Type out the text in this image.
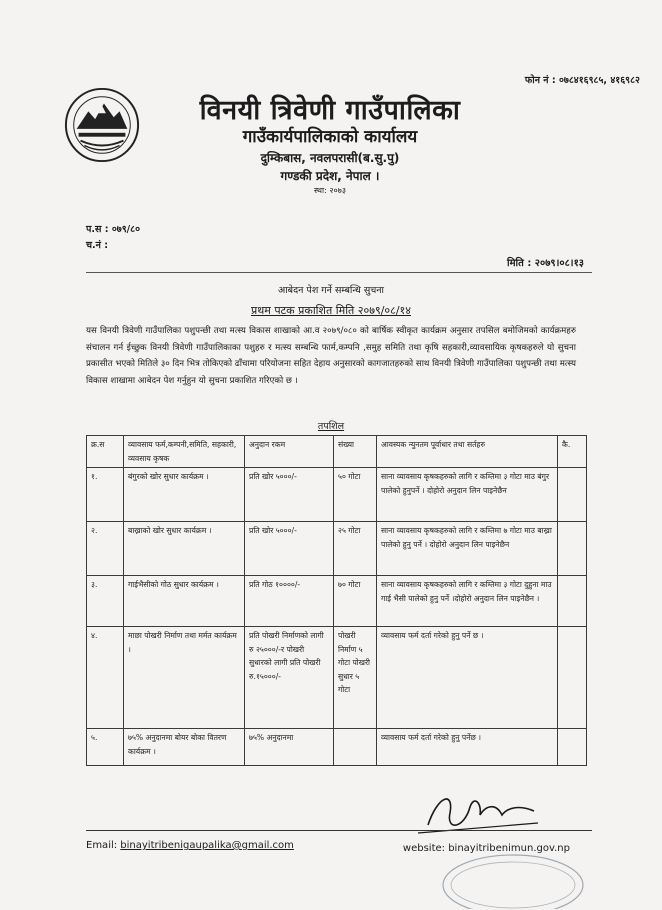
फोन नं : ०७८४१६९८५, ४१६९८२
विनयी त्रिवेणी गाउँपालिका
गाउँकार्यपालिकाको कार्यालय
दुम्किबास, नवलपरासी(ब.सु.पु)
गण्डकी प्रदेश, नेपाल ।
स्था: २०७३
प.स : ०७९/८०
च.नं :
मिति : २०७९।०८।१३
आबेदन पेश गर्ने सम्बन्धि सुचना
प्रथम पटक प्रकाशित मिति २०७९/०८/१४
यस विनयी त्रिवेणी गाउँपालिका पशुपन्छी तथा मत्स्य विकास शाखाको आ.व २०७९/०८० को बार्षिक स्वीकृत कार्यक्रम अनुसार तपसिल बमोजिमको कार्यक्रमहरु संचालन गर्न ईच्छुक विनयी त्रिवेणी गाउँपालिकाका पशुहरु र मत्स्य सम्बन्धि फार्म,कम्पनि ,समुह समिति तथा कृषि सहकारी,व्यावसायिक कृषकहरुले यो सुचना प्रकासीत भएको मितिले ३० दिन भित्र तोकिएको ढाँचामा परियोजना सहित देहाय अनुसारको कागजातहरुको साथ विनयी त्रिवेणी गाउँपालिका पशुपन्छी तथा मत्स्य विकास शाखामा आबेदन पेश गर्नुहुन यो सुचना प्रकाशित गरिएको छ ।
तपशिल
क्र.स	व्यावसाय फर्म,कम्पनी,समिति, सहकारी, व्यवसाय कृषक	अनुदान रकम	संख्या	आवस्यक न्युनतम पूर्वाधार तथा सर्तहरु	कै.
१.	बंगुरको खोर सुधार कार्यक्रम ।	प्रति खोर ५०००/-	५० गोटा	साना व्यावसाय कृषकहरुको लागि र कम्तिमा ३ गोटा माउ बंगुर पालेको हुनुपर्ने । दोहोरो अनुदान लिन पाइनेछैन	
२.	बाख्राको खोर सुधार कार्यक्रम ।	प्रति खोर ५०००/-	२५ गोटा	साना व्यावसाय कृषकहरुको लागि र कम्तिमा ७ गोटा माउ बाख्रा पालेको हुनु पर्ने । दोहोरो अनुदान लिन पाइनेछैन	
३.	गाईभैसीको गोठ सुधार कार्यक्रम ।	प्रति गोठ १००००/-	७० गोटा	साना व्यावसाय कृषकहरुको लागि र कम्तिमा ३ गोटा दुहुना माउ गाई भैसी पालेको हुनु पर्ने ।दोहोरो अनुदान लिन पाइनेछैन ।	
४.	माछा पोखरी निर्माण तथा मर्मत कार्यक्रम ।	प्रति पोखरी निर्माणको लागी रु २५०००/-र पोखरी सुधारको लागी प्रति पोखरी रु.१५०००/-	पोखरी निर्माण ५ गोटा पोखरी सुधार ५ गोटा	व्यावसाय फर्म दर्ता गरेको हुनु पर्ने छ ।	
५.	७५% अनुदानमा बोयर बोका वितरण कार्यक्रम ।	७५% अनुदानमा		व्यावसाय फर्म दर्ता गरेको हुनु पर्नेछ ।	
Email: binayitribenigaupalika@gmail.com	website: binayitribenimun.gov.np
